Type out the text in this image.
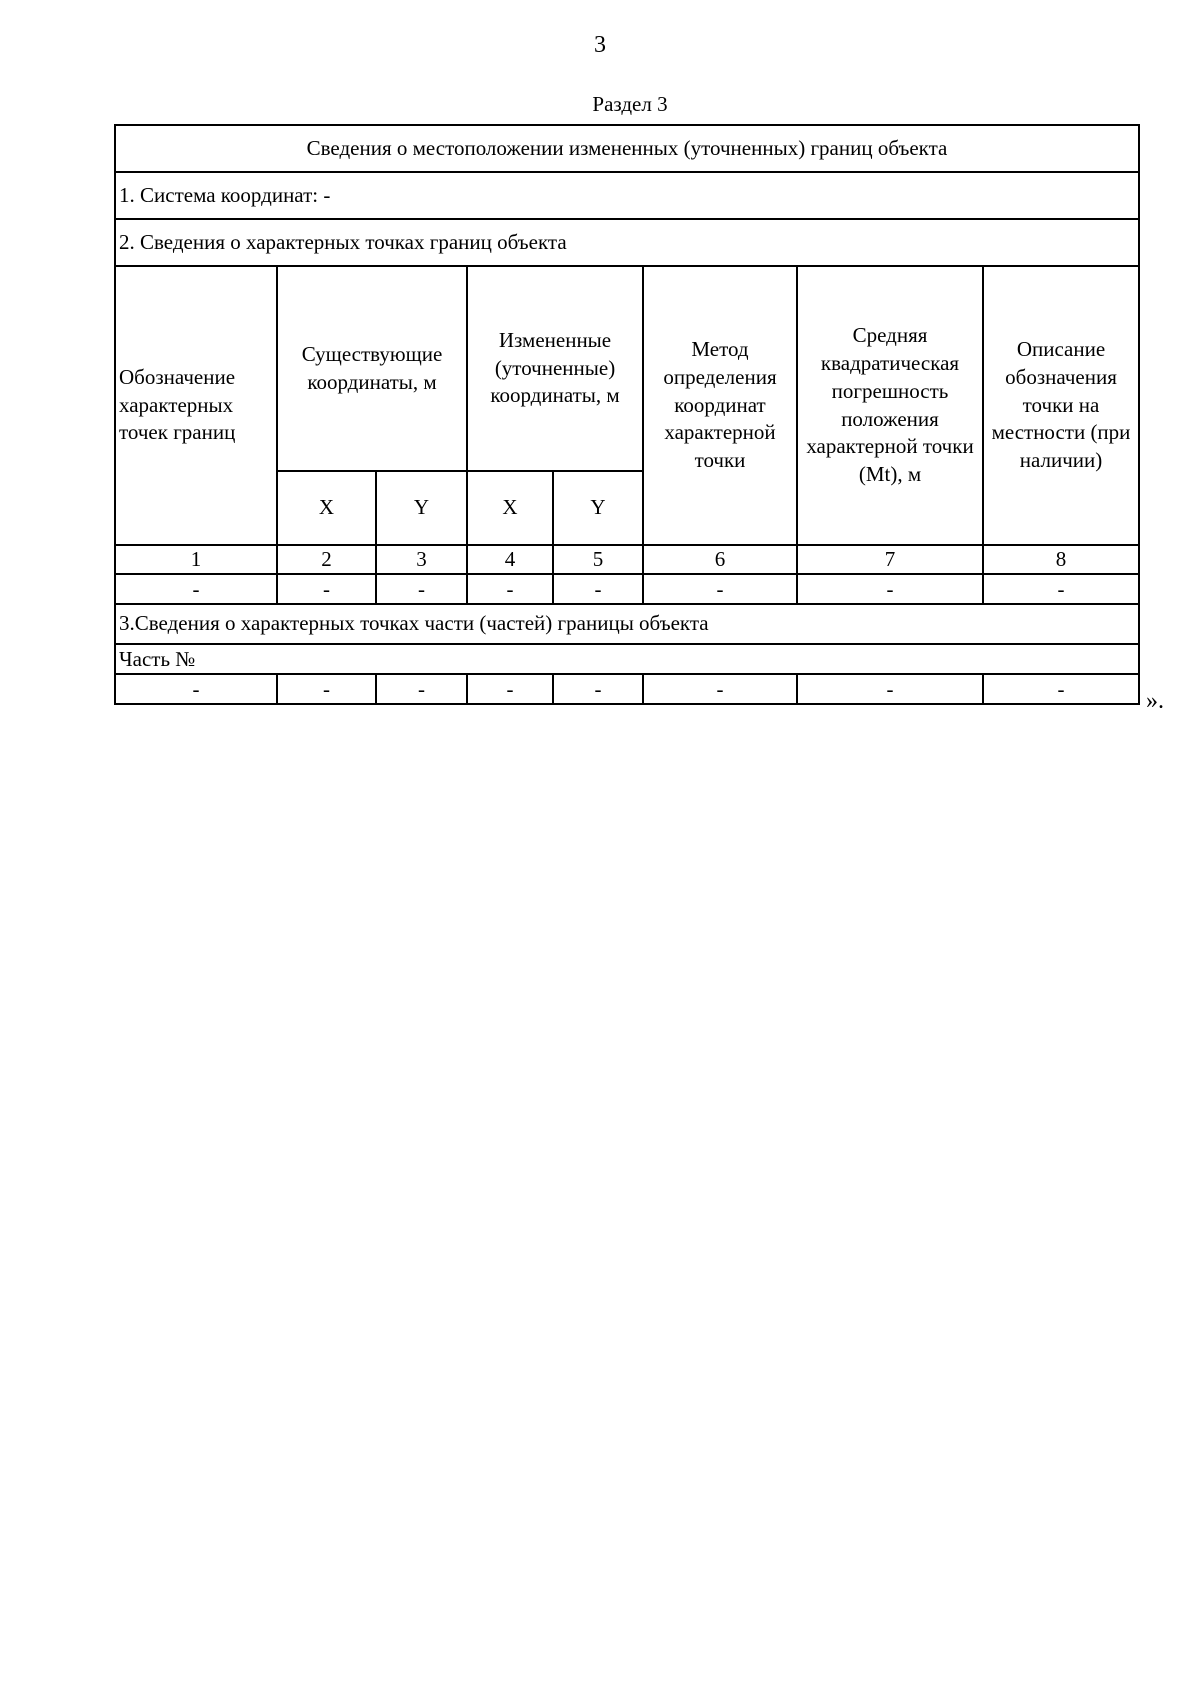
3
Раздел 3
Сведения о местоположении измененных (уточненных) границ объекта							
1. Система координат: -							
2. Сведения о характерных точках границ объекта							
Обозначение характерных точек границ	Существующие координаты, м		Измененные (уточненные) координаты, м		Метод определения координат характерной точки	Средняя квадратическая погрешность положения характерной точки (Mt), м	Описание обозначения точки на местности (при наличии)
	X	Y	X	Y			
1	2	3	4	5	6	7	8
-	-	-	-	-	-	-	-
3.Сведения о характерных точках части (частей) границы объекта							
Часть №							
-	-	-	-	-	-	-	-	».
